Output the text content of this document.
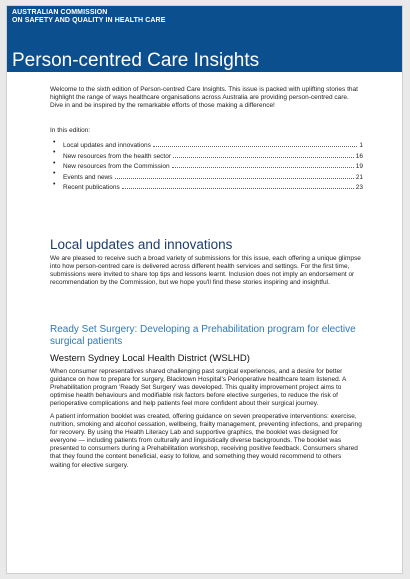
AUSTRALIAN COMMISSION
ON SAFETY AND QUALITY IN HEALTH CARE
Person-centred Care Insights

Welcome to the sixth edition of Person-centred Care Insights. This issue is packed with uplifting stories that highlight the range of ways healthcare organisations across Australia are providing person-centred care. Dive in and be inspired by the remarkable efforts of those making a difference!

In this edition:

• Local updates and innovations	1
• New resources from the health sector	16
• New resources from the Commission	19
• Events and news	21
• Recent publications	23
Local updates and innovations

We are pleased to receive such a broad variety of submissions for this issue, each offering a unique glimpse into how person-centred care is delivered across different health services and settings. For the first time, submissions were invited to share top tips and lessons learnt. Inclusion does not imply an endorsement or recommendation by the Commission, but we hope you'll find these stories inspiring and insightful.

Ready Set Surgery: Developing a Prehabilitation program for elective surgical patients
Western Sydney Local Health District (WSLHD)

When consumer representatives shared challenging past surgical experiences, and a desire for better guidance on how to prepare for surgery, Blacktown Hospital's Perioperative healthcare team listened. A Prehabilitation program 'Ready Set Surgery' was developed. This quality improvement project aims to optimise health behaviours and modifiable risk factors before elective surgeries, to reduce the risk of perioperative complications and help patients feel more confident about their surgical journey.

A patient information booklet was created, offering guidance on seven preoperative interventions: exercise, nutrition, smoking and alcohol cessation, wellbeing, frailty management, preventing infections, and preparing for recovery. By using the Health Literacy Lab and supportive graphics, the booklet was designed for everyone — including patients from culturally and linguistically diverse backgrounds. The booklet was presented to consumers during a Prehabilitation workshop, receiving positive feedback. Consumers shared that they found the content beneficial, easy to follow, and something they would recommend to others waiting for elective surgery.
